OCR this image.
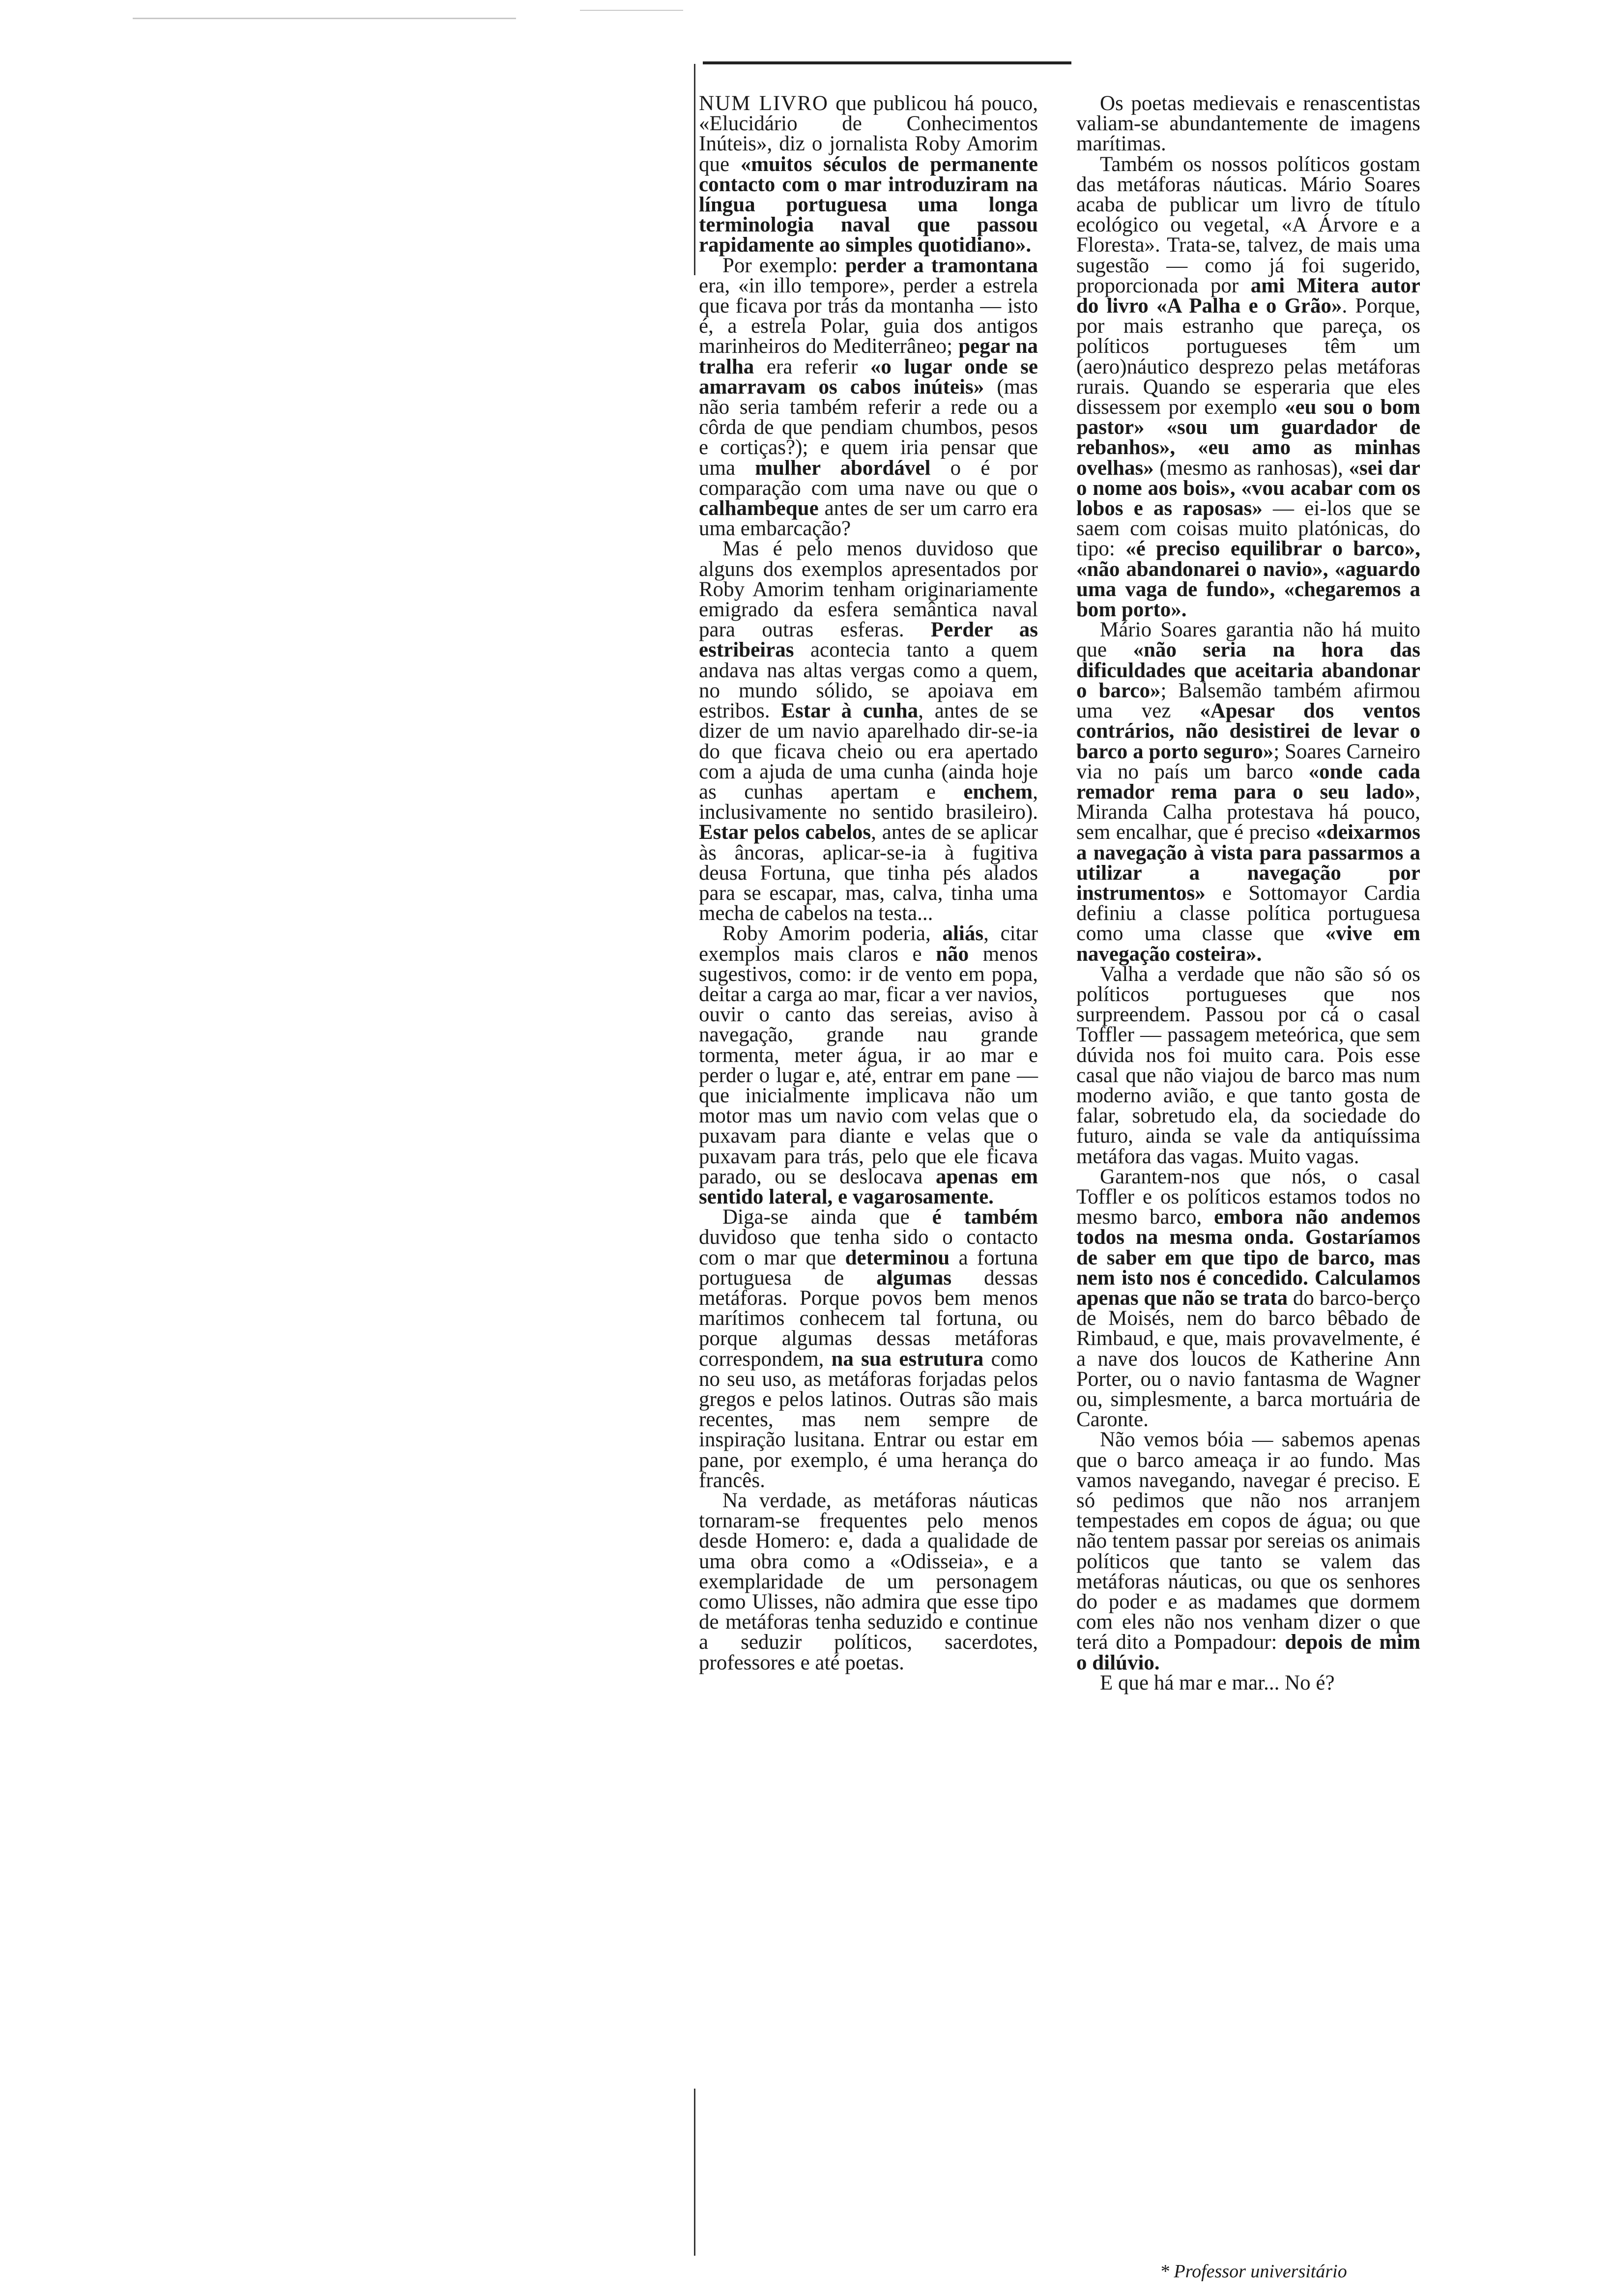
NUM LIVRO que publicou há pouco, «Elucidário de Conhecimentos Inúteis», diz o jornalista Roby Amorim que «muitos séculos de permanente contacto com o mar introduziram na língua portuguesa uma longa terminologia naval que passou rapidamente ao simples quotidiano».

Por exemplo: perder a tramontana era, «in illo tempore», perder a estrela que ficava por trás da montanha — isto é, a estrela Polar, guia dos antigos marinheiros do Mediterrâneo; pegar na tralha era referir «o lugar onde se amarravam os cabos inúteis» (mas não seria também referir a rede ou a côrda de que pendiam chumbos, pesos e cortiças?); e quem iria pensar que uma mulher abordável o é por comparação com uma nave ou que o calhambeque antes de ser um carro era uma embarcação?

Mas é pelo menos duvidoso que alguns dos exemplos apresentados por Roby Amorim tenham originariamente emigrado da esfera semântica naval para outras esferas. Perder as estribeiras acontecia tanto a quem andava nas altas vergas como a quem, no mundo sólido, se apoiava em estribos. Estar à cunha, antes de se dizer de um navio aparelhado dir-se-ia do que ficava cheio ou era apertado com a ajuda de uma cunha (ainda hoje as cunhas apertam e enchem, inclusivamente no sentido brasileiro). Estar pelos cabelos, antes de se aplicar às âncoras, aplicar-se-ia à fugitiva deusa Fortuna, que tinha pés alados para se escapar, mas, calva, tinha uma mecha de cabelos na testa...

Roby Amorim poderia, aliás, citar exemplos mais claros e não menos sugestivos, como: ir de vento em popa, deitar a carga ao mar, ficar a ver navios, ouvir o canto das sereias, aviso à navegação, grande nau grande tormenta, meter água, ir ao mar e perder o lugar e, até, entrar em pane — que inicialmente implicava não um motor mas um navio com velas que o puxavam para diante e velas que o puxavam para trás, pelo que ele ficava parado, ou se deslocava apenas em sentido lateral, e vagarosamente.

Diga-se ainda que é também duvidoso que tenha sido o contacto com o mar que determinou a fortuna portuguesa de algumas dessas metáforas. Porque povos bem menos marítimos conhecem tal fortuna, ou porque algumas dessas metáforas correspondem, na sua estrutura como no seu uso, as metáforas forjadas pelos gregos e pelos latinos. Outras são mais recentes, mas nem sempre de inspiração lusitana. Entrar ou estar em pane, por exemplo, é uma herança do francês.

Na verdade, as metáforas náuticas tornaram-se frequentes pelo menos desde Homero: e, dada a qualidade de uma obra como a «Odisseia», e a exemplaridade de um personagem como Ulisses, não admira que esse tipo de metáforas tenha seduzido e continue a seduzir políticos, sacerdotes, professores e até poetas.

Os poetas medievais e renascentistas valiam-se abundantemente de imagens marítimas.

Também os nossos políticos gostam das metáforas náuticas. Mário Soares acaba de publicar um livro de título ecológico ou vegetal, «A Árvore e a Floresta». Trata-se, talvez, de mais uma sugestão — como já foi sugerido, proporcionada por ami Mitera autor do livro «A Palha e o Grão». Porque, por mais estranho que pareça, os políticos portugueses têm um (aero)náutico desprezo pelas metáforas rurais. Quando se esperaria que eles dissessem por exemplo «eu sou o bom pastor» «sou um guardador de rebanhos», «eu amo as minhas ovelhas» (mesmo as ranhosas), «sei dar o nome aos bois», «vou acabar com os lobos e as raposas» — ei-los que se saem com coisas muito platónicas, do tipo: «é preciso equilibrar o barco», «não abandonarei o navio», «aguardo uma vaga de fundo», «chegaremos a bom porto».

Mário Soares garantia não há muito que «não seria na hora das dificuldades que aceitaria abandonar o barco»; Balsemão também afirmou uma vez «Apesar dos ventos contrários, não desistirei de levar o barco a porto seguro»; Soares Carneiro via no país um barco «onde cada remador rema para o seu lado», Miranda Calha protestava há pouco, sem encalhar, que é preciso «deixarmos a navegação à vista para passarmos a utilizar a navegação por instrumentos» e Sottomayor Cardia definiu a classe política portuguesa como uma classe que «vive em navegação costeira».

Valha a verdade que não são só os políticos portugueses que nos surpreendem. Passou por cá o casal Toffler — passagem meteórica, que sem dúvida nos foi muito cara. Pois esse casal que não viajou de barco mas num moderno avião, e que tanto gosta de falar, sobretudo ela, da sociedade do futuro, ainda se vale da antiquíssima metáfora das vagas. Muito vagas.

Garantem-nos que nós, o casal Toffler e os políticos estamos todos no mesmo barco, embora não andemos todos na mesma onda. Gostaríamos de saber em que tipo de barco, mas nem isto nos é concedido. Calculamos apenas que não se trata do barco-berço de Moisés, nem do barco bêbado de Rimbaud, e que, mais provavelmente, é a nave dos loucos de Katherine Ann Porter, ou o navio fantasma de Wagner ou, simplesmente, a barca mortuária de Caronte.

Não vemos bóia — sabemos apenas que o barco ameaça ir ao fundo. Mas vamos navegando, navegar é preciso. E só pedimos que não nos arranjem tempestades em copos de água; ou que não tentem passar por sereias os animais políticos que tanto se valem das metáforas náuticas, ou que os senhores do poder e as madames que dormem com eles não nos venham dizer o que terá dito a Pompadour: depois de mim o dilúvio.

E que há mar e mar... No é?

* Professor universitário
